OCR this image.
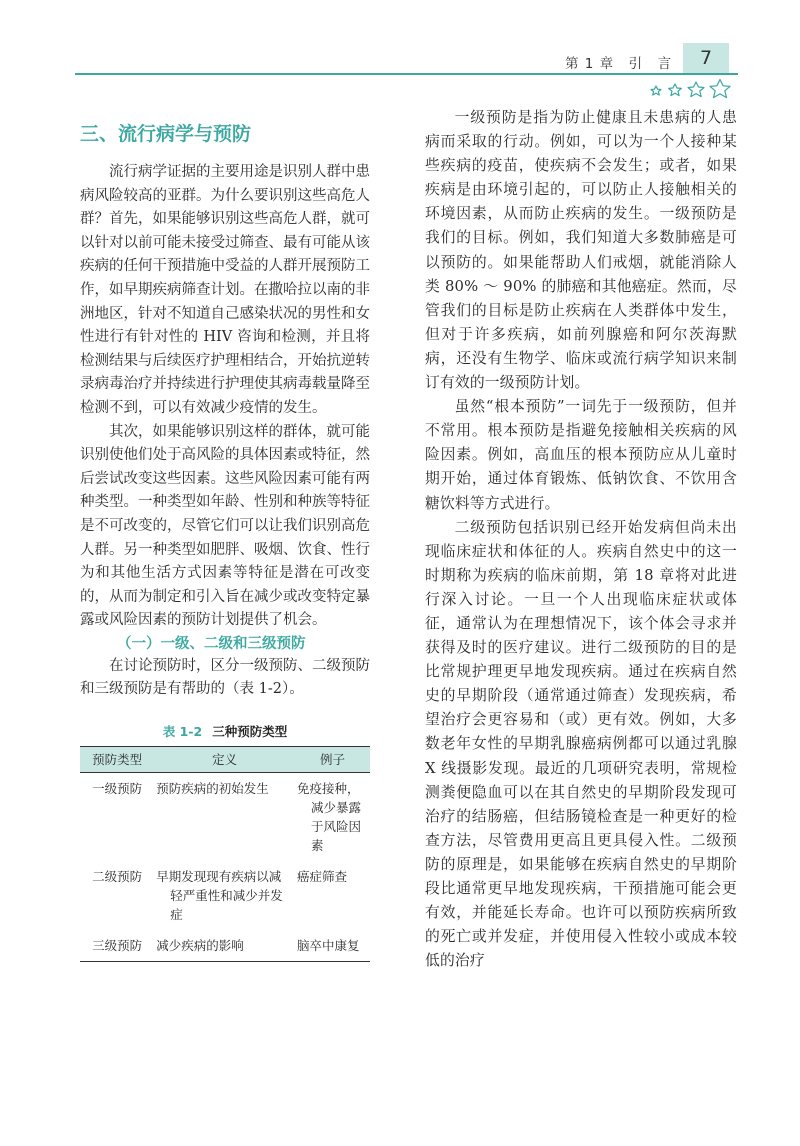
第 1 章　引　言	7
三、流行病学与预防

流行病学证据的主要用途是识别人群中患病风险较高的亚群。为什么要识别这些高危人群？首先，如果能够识别这些高危人群，就可以针对以前可能未接受过筛查、最有可能从该疾病的任何干预措施中受益的人群开展预防工作，如早期疾病筛查计划。在撒哈拉以南的非洲地区，针对不知道自己感染状况的男性和女性进行有针对性的 HIV 咨询和检测，并且将检测结果与后续医疗护理相结合，开始抗逆转录病毒治疗并持续进行护理使其病毒载量降至检测不到，可以有效减少疫情的发生。

其次，如果能够识别这样的群体，就可能识别使他们处于高风险的具体因素或特征，然后尝试改变这些因素。这些风险因素可能有两种类型。一种类型如年龄、性别和种族等特征是不可改变的，尽管它们可以让我们识别高危人群。另一种类型如肥胖、吸烟、饮食、性行为和其他生活方式因素等特征是潜在可改变的，从而为制定和引入旨在减少或改变特定暴露或风险因素的预防计划提供了机会。

（一）一级、二级和三级预防

在讨论预防时，区分一级预防、二级预防和三级预防是有帮助的（表 1-2）。

表 1-2 三种预防类型
预防类型	定义	例子
一级预防	预防疾病的初始发生	免疫接种，减少暴露于风险因素

二级预防	早期发现现有疾病以减轻严重性和减少并发症	癌症筛查

三级预防	减少疾病的影响	脑卒中康复

一级预防是指为防止健康且未患病的人患病而采取的行动。例如，可以为一个人接种某些疾病的疫苗，使疾病不会发生；或者，如果疾病是由环境引起的，可以防止人接触相关的环境因素，从而防止疾病的发生。一级预防是我们的目标。例如，我们知道大多数肺癌是可以预防的。如果能帮助人们戒烟，就能消除人类 80% ～ 90% 的肺癌和其他癌症。然而，尽管我们的目标是防止疾病在人类群体中发生，但对于许多疾病，如前列腺癌和阿尔茨海默病，还没有生物学、临床或流行病学知识来制订有效的一级预防计划。

虽然“根本预防”一词先于一级预防，但并不常用。根本预防是指避免接触相关疾病的风险因素。例如，高血压的根本预防应从儿童时期开始，通过体育锻炼、低钠饮食、不饮用含糖饮料等方式进行。

二级预防包括识别已经开始发病但尚未出现临床症状和体征的人。疾病自然史中的这一时期称为疾病的临床前期，第 18 章将对此进行深入讨论。一旦一个人出现临床症状或体征，通常认为在理想情况下，该个体会寻求并获得及时的医疗建议。进行二级预防的目的是比常规护理更早地发现疾病。通过在疾病自然史的早期阶段（通常通过筛查）发现疾病，希望治疗会更容易和（或）更有效。例如，大多数老年女性的早期乳腺癌病例都可以通过乳腺 X 线摄影发现。最近的几项研究表明，常规检测粪便隐血可以在其自然史的早期阶段发现可治疗的结肠癌，但结肠镜检查是一种更好的检查方法，尽管费用更高且更具侵入性。二级预防的原理是，如果能够在疾病自然史的早期阶段比通常更早地发现疾病，干预措施可能会更有效，并能延长寿命。也许可以预防疾病所致的死亡或并发症，并使用侵入性较小或成本较低的治疗
